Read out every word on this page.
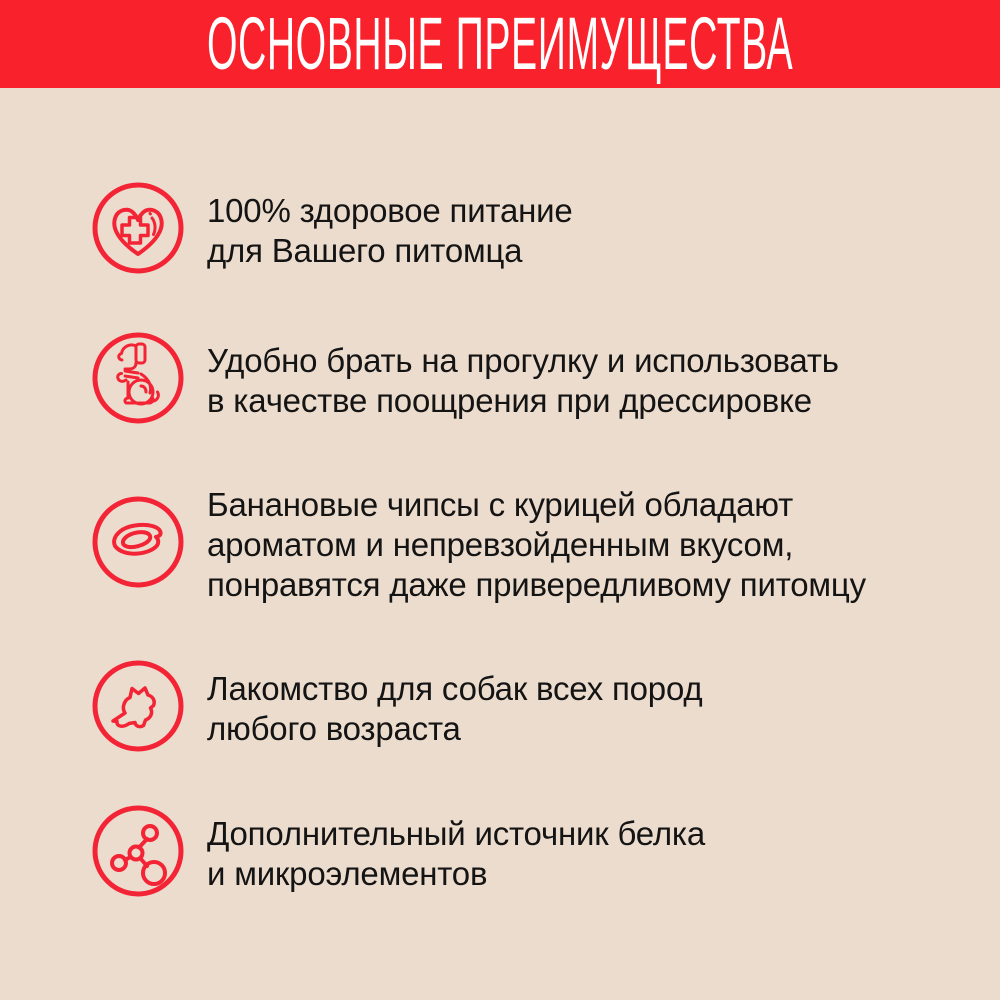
ОСНОВНЫЕ ПРЕИМУЩЕСТВА
100% здоровое питание
для Вашего питомца
Удобно брать на прогулку и использовать
в качестве поощрения при дрессировке
Банановые чипсы с курицей обладают
ароматом и непревзойденным вкусом,
понравятся даже привередливому питомцу
Лакомство для собак всех пород
любого возраста
Дополнительный источник белка
и микроэлементов
